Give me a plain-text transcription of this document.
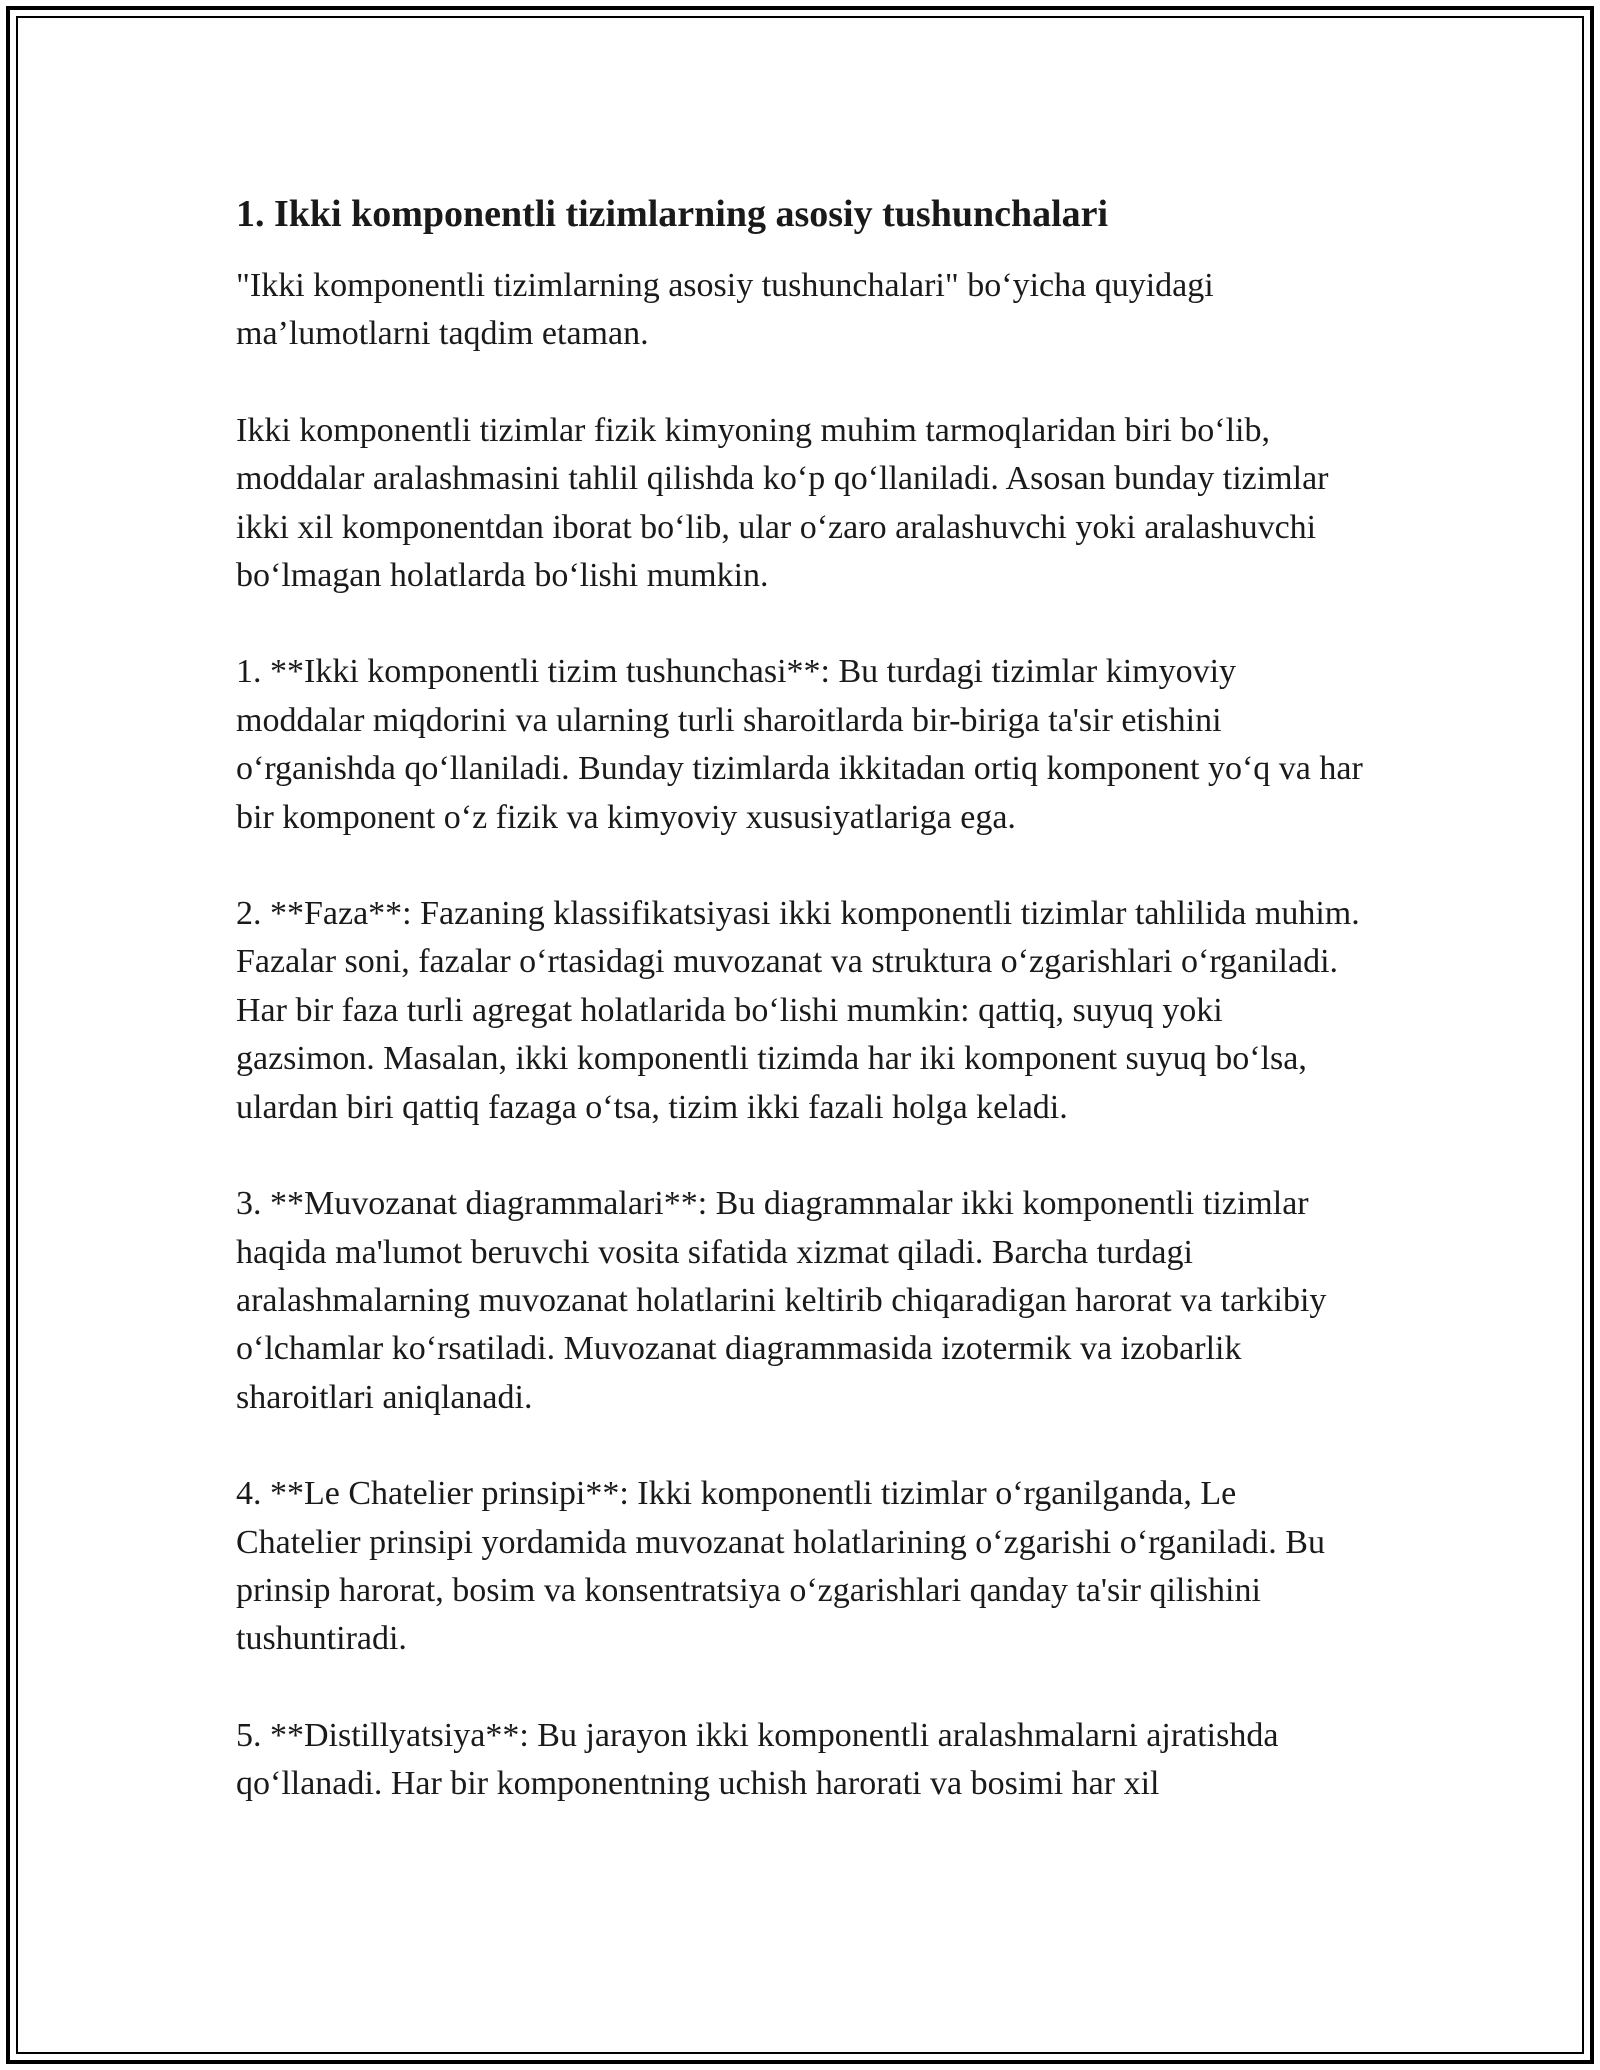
1. Ikki komponentli tizimlarning asosiy tushunchalari

"Ikki komponentli tizimlarning asosiy tushunchalari" bo‘yicha quyidagi ma’lumotlarni taqdim etaman.

Ikki komponentli tizimlar fizik kimyoning muhim tarmoqlaridan biri bo‘lib, moddalar aralashmasini tahlil qilishda ko‘p qo‘llaniladi. Asosan bunday tizimlar ikki xil komponentdan iborat bo‘lib, ular o‘zaro aralashuvchi yoki aralashuvchi bo‘lmagan holatlarda bo‘lishi mumkin.

1. **Ikki komponentli tizim tushunchasi**: Bu turdagi tizimlar kimyoviy moddalar miqdorini va ularning turli sharoitlarda bir-biriga ta'sir etishini o‘rganishda qo‘llaniladi. Bunday tizimlarda ikkitadan ortiq komponent yo‘q va har bir komponent o‘z fizik va kimyoviy xususiyatlariga ega.

2. **Faza**: Fazaning klassifikatsiyasi ikki komponentli tizimlar tahlilida muhim. Fazalar soni, fazalar o‘rtasidagi muvozanat va struktura o‘zgarishlari o‘rganiladi. Har bir faza turli agregat holatlarida bo‘lishi mumkin: qattiq, suyuq yoki gazsimon. Masalan, ikki komponentli tizimda har iki komponent suyuq bo‘lsa, ulardan biri qattiq fazaga o‘tsa, tizim ikki fazali holga keladi.

3. **Muvozanat diagrammalari**: Bu diagrammalar ikki komponentli tizimlar haqida ma'lumot beruvchi vosita sifatida xizmat qiladi. Barcha turdagi aralashmalarning muvozanat holatlarini keltirib chiqaradigan harorat va tarkibiy o‘lchamlar ko‘rsatiladi. Muvozanat diagrammasida izotermik va izobarlik sharoitlari aniqlanadi.

4. **Le Chatelier prinsipi**: Ikki komponentli tizimlar o‘rganilganda, Le Chatelier prinsipi yordamida muvozanat holatlarining o‘zgarishi o‘rganiladi. Bu prinsip harorat, bosim va konsentratsiya o‘zgarishlari qanday ta'sir qilishini tushuntiradi.

5. **Distillyatsiya**: Bu jarayon ikki komponentli aralashmalarni ajratishda qo‘llanadi. Har bir komponentning uchish harorati va bosimi har xil
